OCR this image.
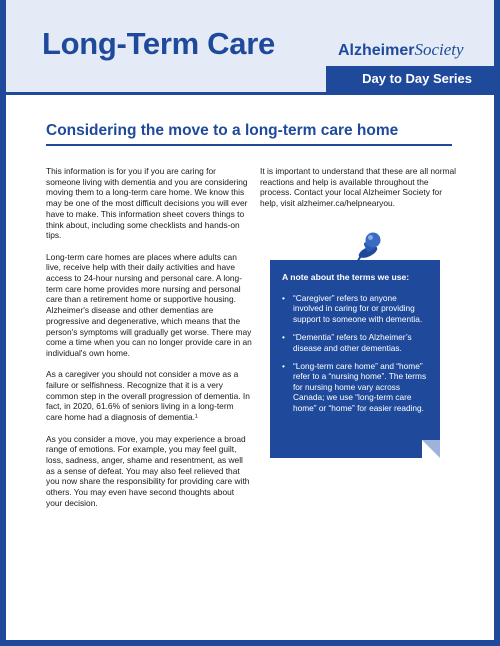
Long-Term Care	AlzheimerSociety
Day to Day Series
Considering the move to a long-term care home

This information is for you if you are caring for someone living with dementia and you are considering moving them to a long-term care home. We know this may be one of the most difficult decisions you will ever have to make. This information sheet covers things to think about, including some checklists and hands-on tips.

Long-term care homes are places where adults can live, receive help with their daily activities and have access to 24-hour nursing and personal care. A long-term care home provides more nursing and personal care than a retirement home or supportive housing. Alzheimer's disease and other dementias are progressive and degenerative, which means that the person's symptoms will gradually get worse. There may come a time when you can no longer provide care in an individual's own home.

As a caregiver you should not consider a move as a failure or selfishness. Recognize that it is a very common step in the overall progression of dementia. In fact, in 2020, 61.6% of seniors living in a long-term care home had a diagnosis of dementia.¹

As you consider a move, you may experience a broad range of emotions. For example, you may feel guilt, loss, sadness, anger, shame and resentment, as well as a sense of defeat. You may also feel relieved that you now share the responsibility for providing care with others. You may even have second thoughts about your decision.

It is important to understand that these are all normal reactions and help is available throughout the process. Contact your local Alzheimer Society for help, visit alzheimer.ca/helpnearyou.

A note about the terms we use:
• “Caregiver” refers to anyone involved in caring for or providing support to someone with dementia.
• “Dementia” refers to Alzheimer’s disease and other dementias.
• “Long-term care home” and “home” refer to a “nursing home”. The terms for nursing home vary across Canada; we use “long-term care home” or “home” for easier reading.
